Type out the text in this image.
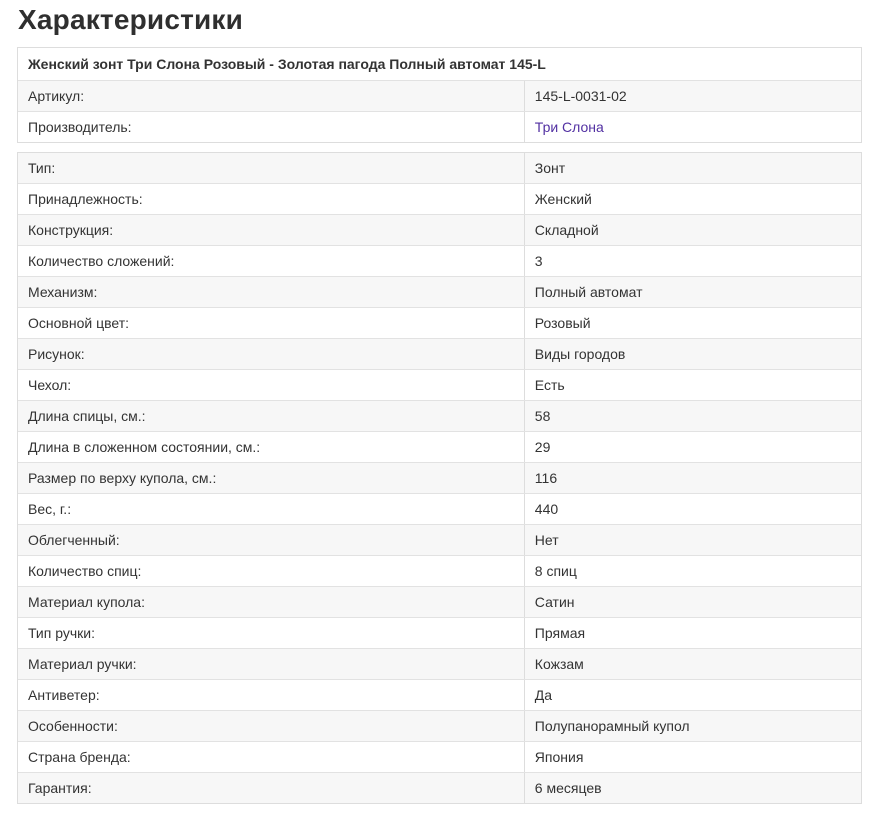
Характеристики
Женский зонт Три Слона Розовый - Золотая пагода Полный автомат 145-L
Артикул:	145-L-0031-02
Производитель:	Три Слона
Тип:	Зонт
Принадлежность:	Женский
Конструкция:	Складной
Количество сложений:	3
Механизм:	Полный автомат
Основной цвет:	Розовый
Рисунок:	Виды городов
Чехол:	Есть
Длина спицы, см.:	58
Длина в сложенном состоянии, см.:	29
Размер по верху купола, см.:	116
Вес, г.:	440
Облегченный:	Нет
Количество спиц:	8 спиц
Материал купола:	Сатин
Тип ручки:	Прямая
Материал ручки:	Кожзам
Антиветер:	Да
Особенности:	Полупанорамный купол
Страна бренда:	Япония
Гарантия:	6 месяцев
